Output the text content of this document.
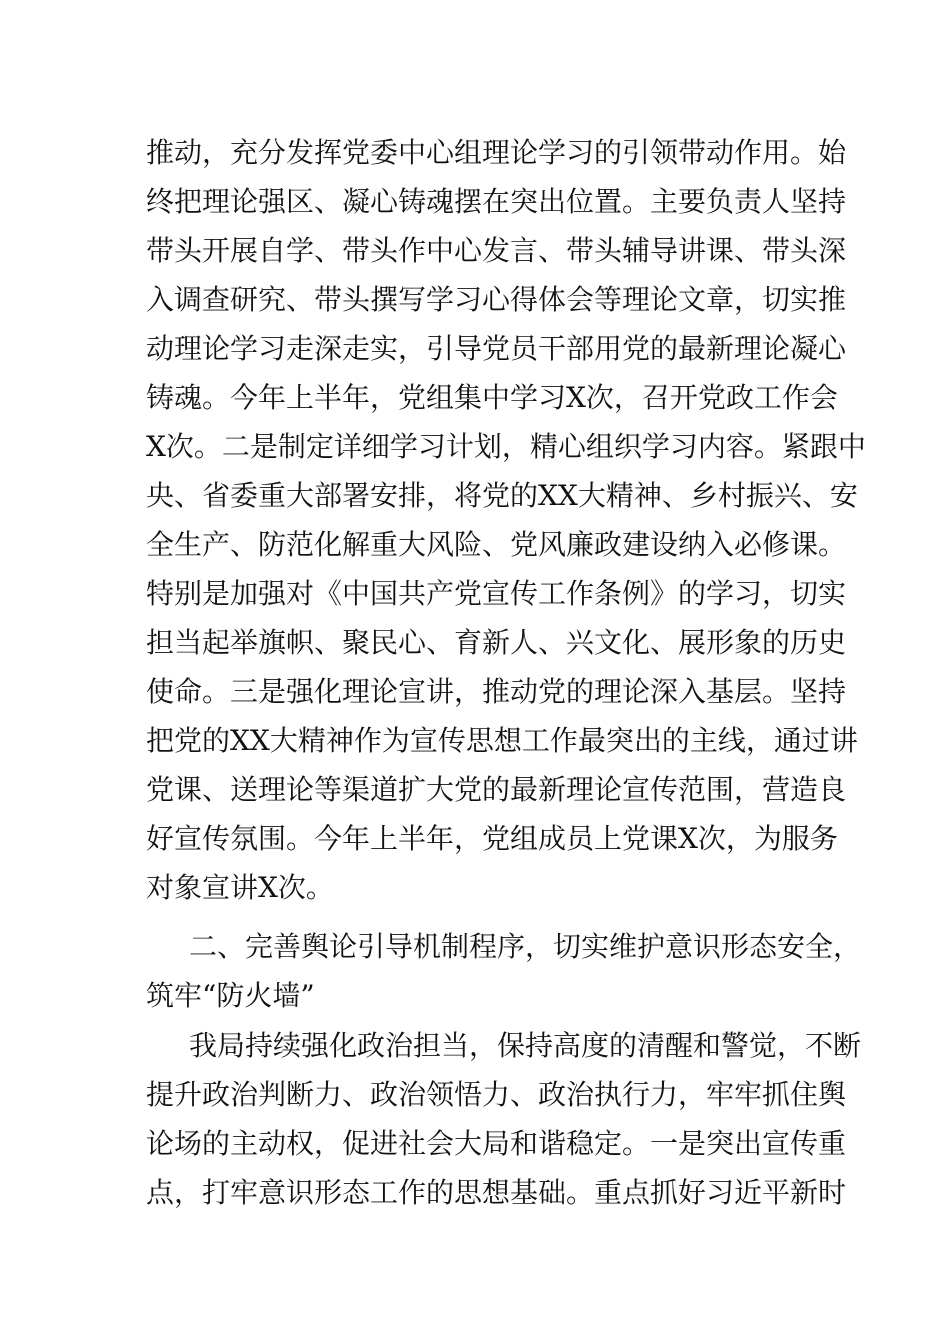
推动，充分发挥党委中心组理论学习的引领带动作用。始
终把理论强区、凝心铸魂摆在突出位置。主要负责人坚持
带头开展自学、带头作中心发言、带头辅导讲课、带头深
入调查研究、带头撰写学习心得体会等理论文章，切实推
动理论学习走深走实，引导党员干部用党的最新理论凝心
铸魂。今年上半年，党组集中学习X次，召开党政工作会
X次。二是制定详细学习计划，精心组织学习内容。紧跟中
央、省委重大部署安排，将党的XX大精神、乡村振兴、安
全生产、防范化解重大风险、党风廉政建设纳入必修课。
特别是加强对《中国共产党宣传工作条例》的学习，切实
担当起举旗帜、聚民心、育新人、兴文化、展形象的历史
使命。三是强化理论宣讲，推动党的理论深入基层。坚持
把党的XX大精神作为宣传思想工作最突出的主线，通过讲
党课、送理论等渠道扩大党的最新理论宣传范围，营造良
好宣传氛围。今年上半年，党组成员上党课X次，为服务
对象宣讲X次。
二、完善舆论引导机制程序，切实维护意识形态安全，
筑牢“防火墙”
我局持续强化政治担当，保持高度的清醒和警觉，不断
提升政治判断力、政治领悟力、政治执行力，牢牢抓住舆
论场的主动权，促进社会大局和谐稳定。一是突出宣传重
点，打牢意识形态工作的思想基础。重点抓好习近平新时
